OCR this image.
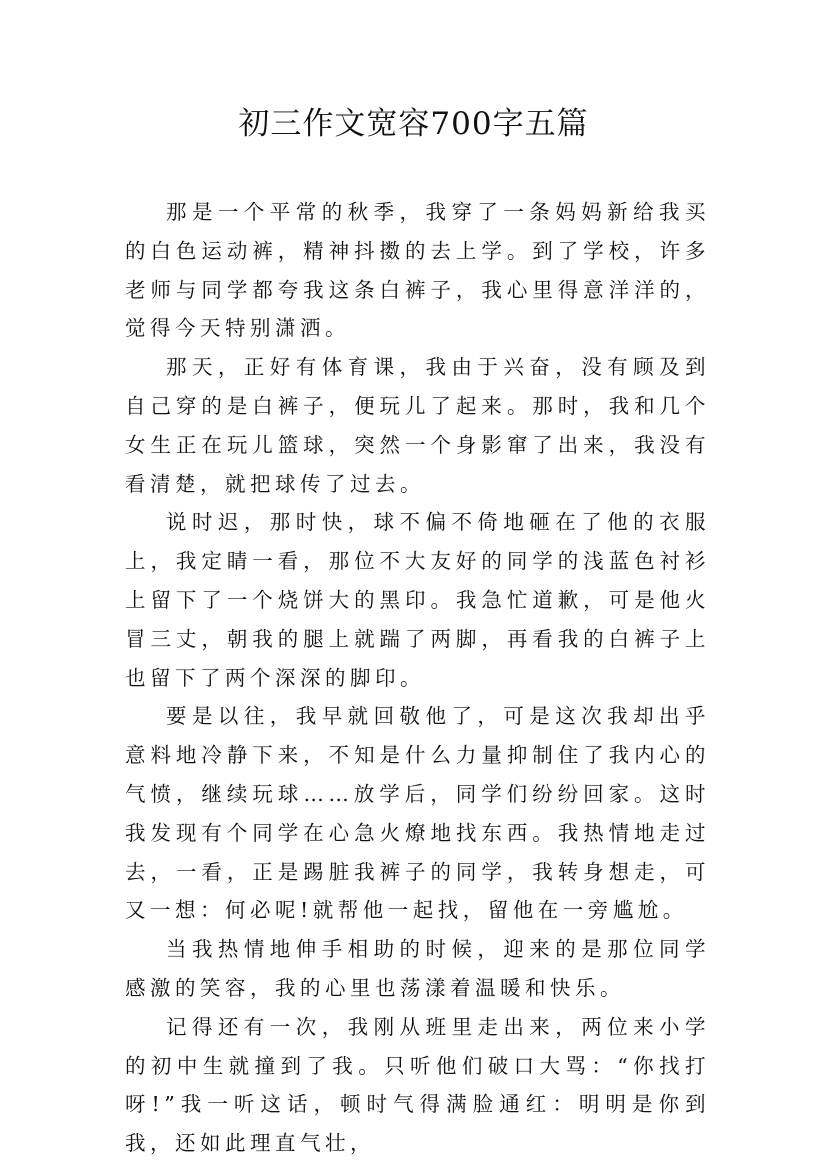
初三作文宽容700字五篇

那是一个平常的秋季，我穿了一条妈妈新给我买的白色运动裤，精神抖擞的去上学。到了学校，许多老师与同学都夸我这条白裤子，我心里得意洋洋的，觉得今天特别潇洒。

那天，正好有体育课，我由于兴奋，没有顾及到自己穿的是白裤子，便玩儿了起来。那时，我和几个女生正在玩儿篮球，突然一个身影窜了出来，我没有看清楚，就把球传了过去。

说时迟，那时快，球不偏不倚地砸在了他的衣服上，我定睛一看，那位不大友好的同学的浅蓝色衬衫上留下了一个烧饼大的黑印。我急忙道歉，可是他火冒三丈，朝我的腿上就踹了两脚，再看我的白裤子上也留下了两个深深的脚印。

要是以往，我早就回敬他了，可是这次我却出乎意料地冷静下来，不知是什么力量抑制住了我内心的气愤，继续玩球……放学后，同学们纷纷回家。这时我发现有个同学在心急火燎地找东西。我热情地走过去，一看，正是踢脏我裤子的同学，我转身想走，可又一想：何必呢!就帮他一起找，留他在一旁尴尬。

当我热情地伸手相助的时候，迎来的是那位同学感激的笑容，我的心里也荡漾着温暖和快乐。

记得还有一次，我刚从班里走出来，两位来小学的初中生就撞到了我。只听他们破口大骂：“你找打呀!”我一听这话，顿时气得满脸通红：明明是你到我，还如此理直气壮，
